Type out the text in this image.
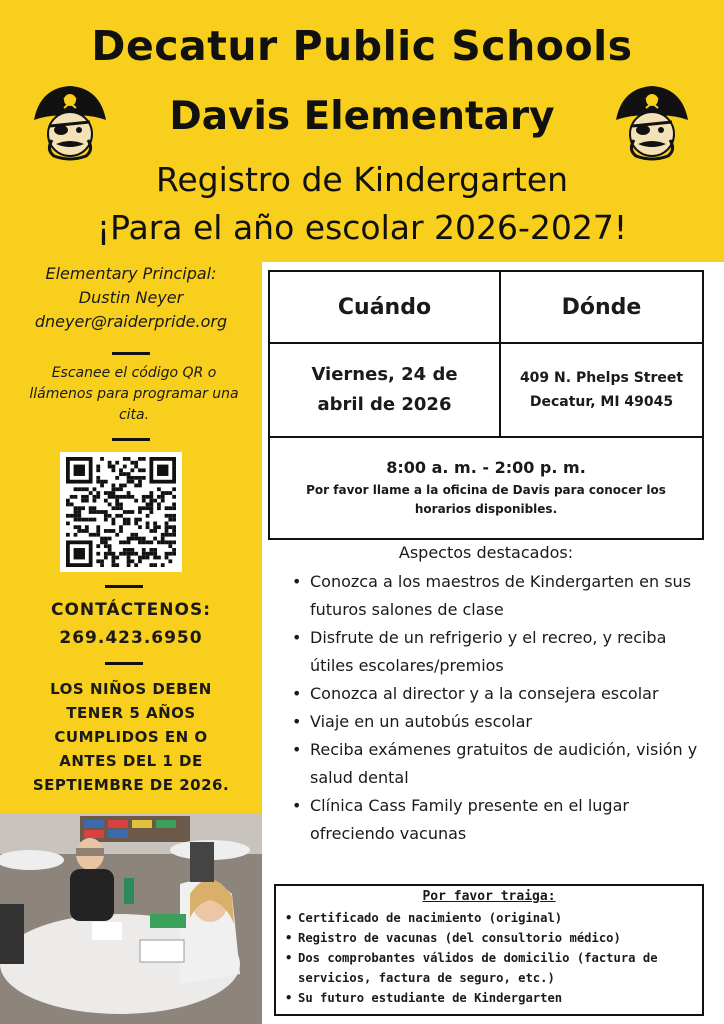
Decatur Public Schools
Davis Elementary
Registro de Kindergarten
¡Para el año escolar 2026-2027!
Elementary Principal:
Dustin Neyer
dneyer@raiderpride.org
Escanee el código QR o llámenos para programar una cita.
CONTÁCTENOS:
269.423.6950
LOS NIÑOS DEBEN
TENER 5 AÑOS
CUMPLIDOS EN O
ANTES DEL 1 DE
SEPTIEMBRE DE 2026.
Cuándo	Dónde
Viernes, 24 de
abril de 2026
409 N. Phelps Street
Decatur, MI 49045
8:00 a. m. - 2:00 p. m.
Por favor llame a la oficina de Davis para conocer los horarios disponibles.
Aspectos destacados:
• Conozca a los maestros de Kindergarten en sus futuros salones de clase
• Disfrute de un refrigerio y el recreo, y reciba útiles escolares/premios
• Conozca al director y a la consejera escolar
• Viaje en un autobús escolar
• Reciba exámenes gratuitos de audición, visión y salud dental
• Clínica Cass Family presente en el lugar ofreciendo vacunas
Por favor traiga:
• Certificado de nacimiento (original)
• Registro de vacunas (del consultorio médico)
• Dos comprobantes válidos de domicilio (factura de servicios, factura de seguro, etc.)
• Su futuro estudiante de Kindergarten
